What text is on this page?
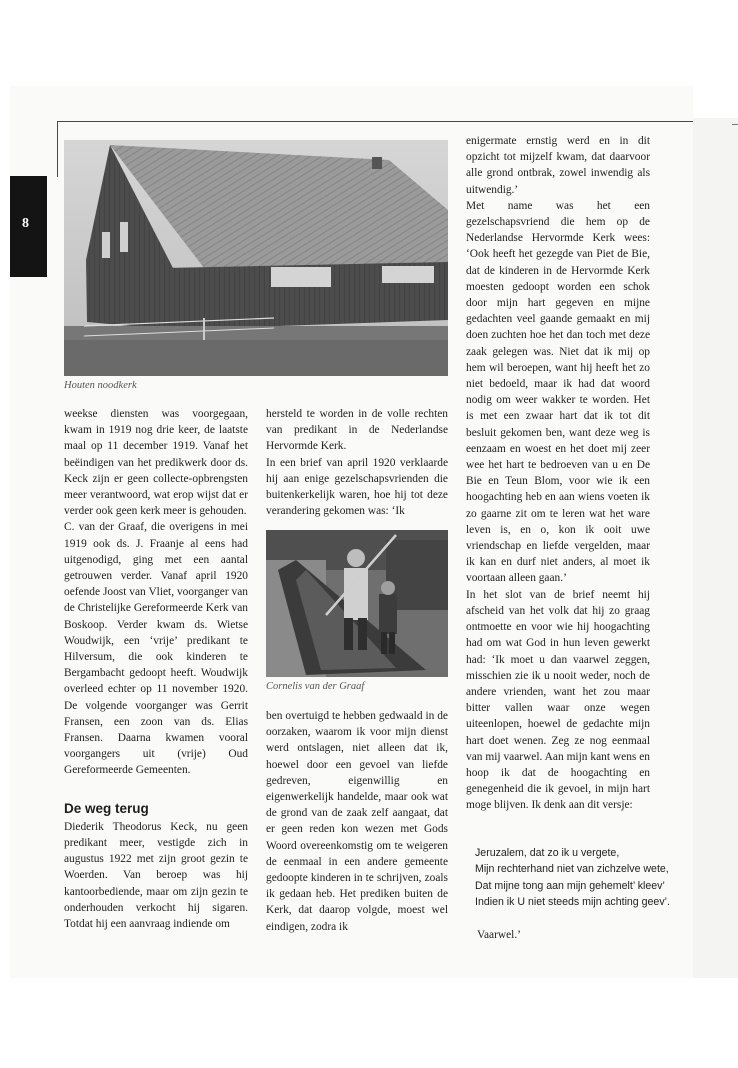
8
Houten noodkerk
Cornelis van der Graaf

weekse diensten was voorgegaan, kwam in 1919 nog drie keer, de laatste maal op 11 december 1919. Vanaf het beëindigen van het predikwerk door ds. Keck zijn er geen collecte-opbrengsten meer verantwoord, wat erop wijst dat er verder ook geen kerk meer is gehouden.

C. van der Graaf, die overigens in mei 1919 ook ds. J. Fraanje al eens had uitgenodigd, ging met een aantal getrouwen verder. Vanaf april 1920 oefende Joost van Vliet, voorganger van de Christelijke Gereformeerde Kerk van Boskoop. Verder kwam ds. Wietse Woudwijk, een ‘vrije’ predikant te Hilversum, die ook kinderen te Bergambacht gedoopt heeft. Woudwijk overleed echter op 11 november 1920. De volgende voorganger was Gerrit Fransen, een zoon van ds. Elias Fransen. Daarna kwamen vooral voorgangers uit (vrije) Oud Gereformeerde Gemeenten.

De weg terug

Diederik Theodorus Keck, nu geen predikant meer, vestigde zich in augustus 1922 met zijn groot gezin te Woerden. Van beroep was hij kantoorbediende, maar om zijn gezin te onderhouden verkocht hij sigaren. Totdat hij een aanvraag indiende om

hersteld te worden in de volle rechten van predikant in de Nederlandse Hervormde Kerk.

In een brief van april 1920 verklaarde hij aan enige gezelschapsvrienden die buitenkerkelijk waren, hoe hij tot deze verandering gekomen was: ‘Ik

ben overtuigd te hebben gedwaald in de oorzaken, waarom ik voor mijn dienst werd ontslagen, niet alleen dat ik, hoewel door een gevoel van liefde gedreven, eigenwillig en eigenwerkelijk handelde, maar ook wat de grond van de zaak zelf aangaat, dat er geen reden kon wezen met Gods Woord overeenkomstig om te weigeren de eenmaal in een andere gemeente gedoopte kinderen in te schrijven, zoals ik gedaan heb. Het prediken buiten de Kerk, dat daarop volgde, moest wel eindigen, zodra ik

enigermate ernstig werd en in dit opzicht tot mijzelf kwam, dat daarvoor alle grond ontbrak, zowel inwendig als uitwendig.’

Met name was het een gezelschapsvriend die hem op de Nederlandse Hervormde Kerk wees: ‘Ook heeft het gezegde van Piet de Bie, dat de kinderen in de Hervormde Kerk moesten gedoopt worden een schok door mijn hart gegeven en mijne gedachten veel gaande gemaakt en mij doen zuchten hoe het dan toch met deze zaak gelegen was. Niet dat ik mij op hem wil beroepen, want hij heeft het zo niet bedoeld, maar ik had dat woord nodig om weer wakker te worden. Het is met een zwaar hart dat ik tot dit besluit gekomen ben, want deze weg is eenzaam en woest en het doet mij zeer wee het hart te bedroeven van u en De Bie en Teun Blom, voor wie ik een hoogachting heb en aan wiens voeten ik zo gaarne zit om te leren wat het ware leven is, en o, kon ik ooit uwe vriendschap en liefde vergelden, maar ik kan en durf niet anders, al moet ik voortaan alleen gaan.’

In het slot van de brief neemt hij afscheid van het volk dat hij zo graag ontmoette en voor wie hij hoogachting had om wat God in hun leven gewerkt had: ‘Ik moet u dan vaarwel zeggen, misschien zie ik u nooit weder, noch de andere vrienden, want het zou maar bitter vallen waar onze wegen uiteenlopen, hoewel de gedachte mijn hart doet wenen. Zeg ze nog eenmaal van mij vaarwel. Aan mijn kant wens en hoop ik dat de hoogachting en genegenheid die ik gevoel, in mijn hart moge blijven. Ik denk aan dit versje:

Jeruzalem, dat zo ik u vergete,
Mijn rechterhand niet van zichzelve wete,
Dat mijne tong aan mijn gehemelt’ kleev’
Indien ik U niet steeds mijn achting geev’.
Vaarwel.’
